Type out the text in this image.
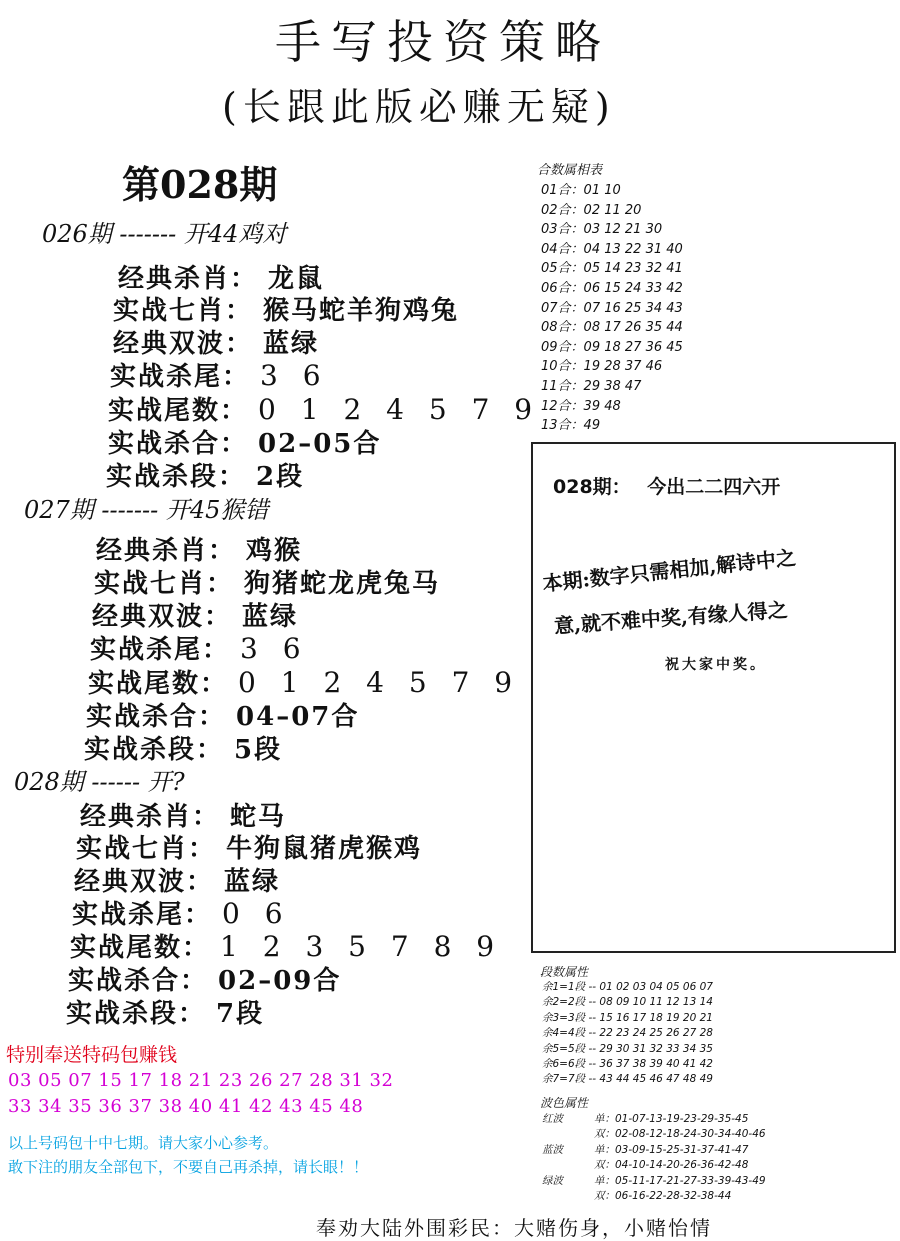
手写投资策略
(长跟此版必赚无疑)
第028期
026期 ------- 开44鸡对
经典杀肖： 龙鼠
实战七肖： 猴马蛇羊狗鸡兔
经典双波： 蓝绿
实战杀尾： 3 6
实战尾数： 0 1 2 4 5 7 9
实战杀合： 02–05合
实战杀段： 2段
027期 ------- 开45猴错
经典杀肖： 鸡猴
实战七肖： 狗猪蛇龙虎兔马
经典双波： 蓝绿
实战杀尾： 3 6
实战尾数： 0 1 2 4 5 7 9
实战杀合： 04–07合
实战杀段： 5段
028期 ------ 开?
经典杀肖： 蛇马
实战七肖： 牛狗鼠猪虎猴鸡
经典双波： 蓝绿
实战杀尾： 0 6
实战尾数： 1 2 3 5 7 8 9
实战杀合： 02–09合
实战杀段： 7段
合数属相表
01合：01 10
02合：02 11 20
03合：03 12 21 30
04合：04 13 22 31 40
05合：05 14 23 32 41
06合：06 15 24 33 42
07合：07 16 25 34 43
08合：08 17 26 35 44
09合：09 18 27 36 45
10合：19 28 37 46
11合：29 38 47
12合：39 48
13合：49
028期： 今出二二四六开
本期:数字只需相加,解诗中之
意,就不难中奖,有缘人得之
祝大家中奖。
段数属性
余1=1段 -- 01 02 03 04 05 06 07
余2=2段 -- 08 09 10 11 12 13 14
余3=3段 -- 15 16 17 18 19 20 21
余4=4段 -- 22 23 24 25 26 27 28
余5=5段 -- 29 30 31 32 33 34 35
余6=6段 -- 36 37 38 39 40 41 42
余7=7段 -- 43 44 45 46 47 48 49
波色属性
红波	单：01-07-13-19-23-29-35-45
双：02-08-12-18-24-30-34-40-46
蓝波	单：03-09-15-25-31-37-41-47
双：04-10-14-20-26-36-42-48
绿波	单：05-11-17-21-27-33-39-43-49
双：06-16-22-28-32-38-44
特别奉送特码包赚钱
03 05 07 15 17 18 21 23 26 27 28 31 32
33 34 35 36 37 38 40 41 42 43 45 48
以上号码包十中七期。请大家小心参考。
敢下注的朋友全部包下，不要自己再杀掉，请长眼！！
奉劝大陆外围彩民：大赌伤身，小赌怡情
